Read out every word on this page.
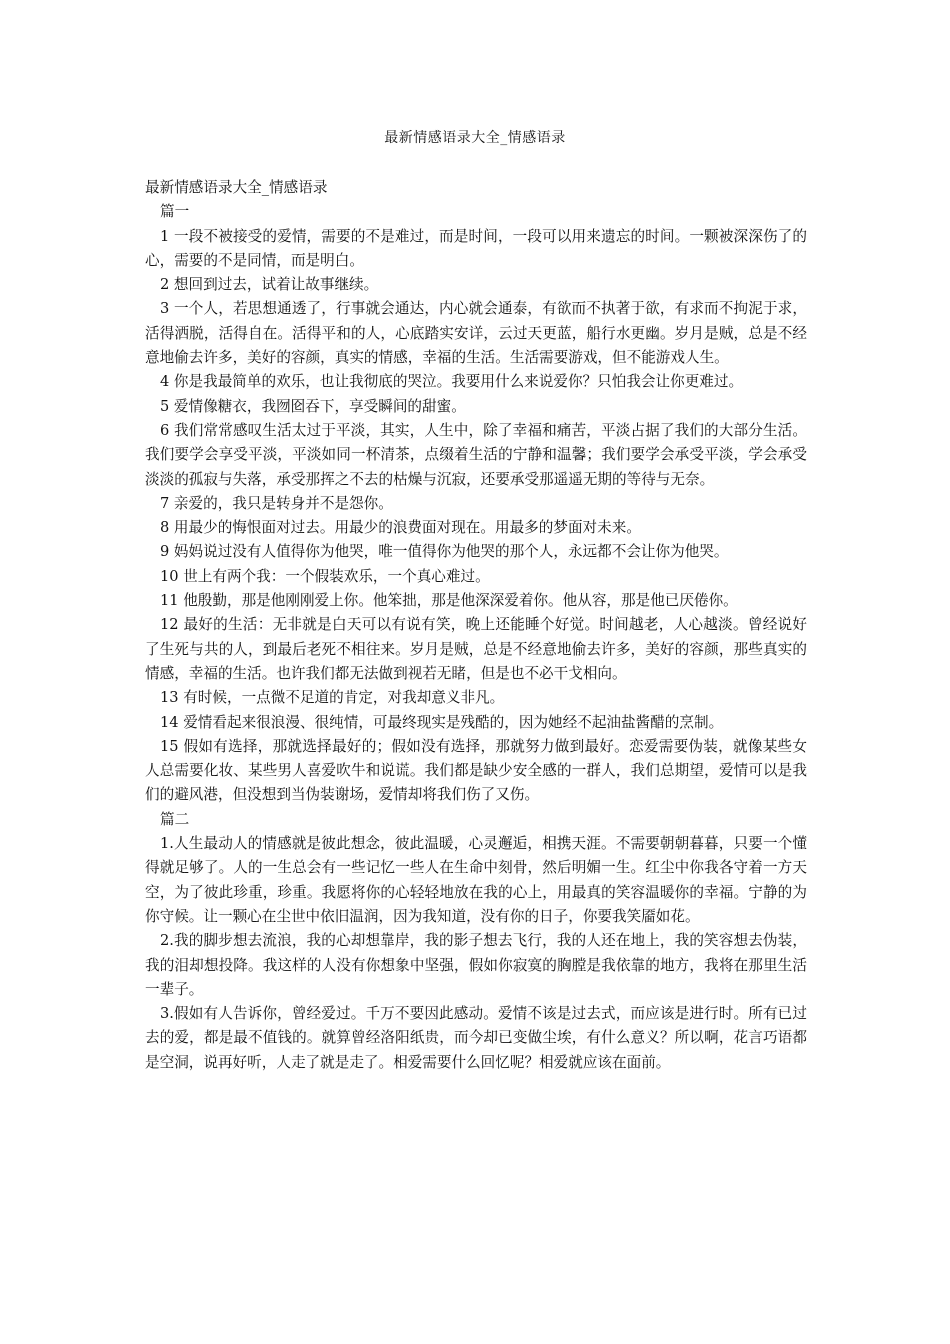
最新情感语录大全_情感语录

最新情感语录大全_情感语录

篇一

1 一段不被接受的爱情，需要的不是难过，而是时间，一段可以用来遗忘的时间。一颗被深深伤了的心，需要的不是同情，而是明白。

2 想回到过去，试着让故事继续。

3 一个人，若思想通透了，行事就会通达，内心就会通泰，有欲而不执著于欲，有求而不拘泥于求，活得洒脱，活得自在。活得平和的人，心底踏实安详，云过天更蓝，船行水更幽。岁月是贼，总是不经意地偷去许多，美好的容颜，真实的情感，幸福的生活。生活需要游戏，但不能游戏人生。

4 你是我最简单的欢乐，也让我彻底的哭泣。我要用什么来说爱你？只怕我会让你更难过。

5 爱情像糖衣，我囫囵吞下，享受瞬间的甜蜜。

6 我们常常感叹生活太过于平淡，其实，人生中，除了幸福和痛苦，平淡占据了我们的大部分生活。我们要学会享受平淡，平淡如同一杯清茶，点缀着生活的宁静和温馨；我们要学会承受平淡，学会承受淡淡的孤寂与失落，承受那挥之不去的枯燥与沉寂，还要承受那遥遥无期的等待与无奈。

7 亲爱的，我只是转身并不是怨你。

8 用最少的悔恨面对过去。用最少的浪费面对现在。用最多的梦面对未来。

9 妈妈说过没有人值得你为他哭，唯一值得你为他哭的那个人，永远都不会让你为他哭。

10 世上有两个我：一个假装欢乐，一个真心难过。

11 他殷勤，那是他刚刚爱上你。他笨拙，那是他深深爱着你。他从容，那是他已厌倦你。

12 最好的生活：无非就是白天可以有说有笑，晚上还能睡个好觉。时间越老，人心越淡。曾经说好了生死与共的人，到最后老死不相往来。岁月是贼，总是不经意地偷去许多，美好的容颜，那些真实的情感，幸福的生活。也许我们都无法做到视若无睹，但是也不必干戈相向。

13 有时候，一点微不足道的肯定，对我却意义非凡。

14 爱情看起来很浪漫、很纯情，可最终现实是残酷的，因为她经不起油盐酱醋的烹制。

15 假如有选择，那就选择最好的；假如没有选择，那就努力做到最好。恋爱需要伪装，就像某些女人总需要化妆、某些男人喜爱吹牛和说谎。我们都是缺少安全感的一群人，我们总期望，爱情可以是我们的避风港，但没想到当伪装谢场，爱情却将我们伤了又伤。

篇二

1.人生最动人的情感就是彼此想念，彼此温暖，心灵邂逅，相携天涯。不需要朝朝暮暮，只要一个懂得就足够了。人的一生总会有一些记忆一些人在生命中刻骨，然后明媚一生。红尘中你我各守着一方天空，为了彼此珍重，珍重。我愿将你的心轻轻地放在我的心上，用最真的笑容温暖你的幸福。宁静的为你守候。让一颗心在尘世中依旧温润，因为我知道，没有你的日子，你要我笑靥如花。

2.我的脚步想去流浪，我的心却想靠岸，我的影子想去飞行，我的人还在地上，我的笑容想去伪装，我的泪却想投降。我这样的人没有你想象中坚强，假如你寂寞的胸膛是我依靠的地方，我将在那里生活一辈子。

3.假如有人告诉你，曾经爱过。千万不要因此感动。爱情不该是过去式，而应该是进行时。所有已过去的爱，都是最不值钱的。就算曾经洛阳纸贵，而今却已变做尘埃，有什么意义？所以啊，花言巧语都是空洞，说再好听，人走了就是走了。相爱需要什么回忆呢？相爱就应该在面前。
